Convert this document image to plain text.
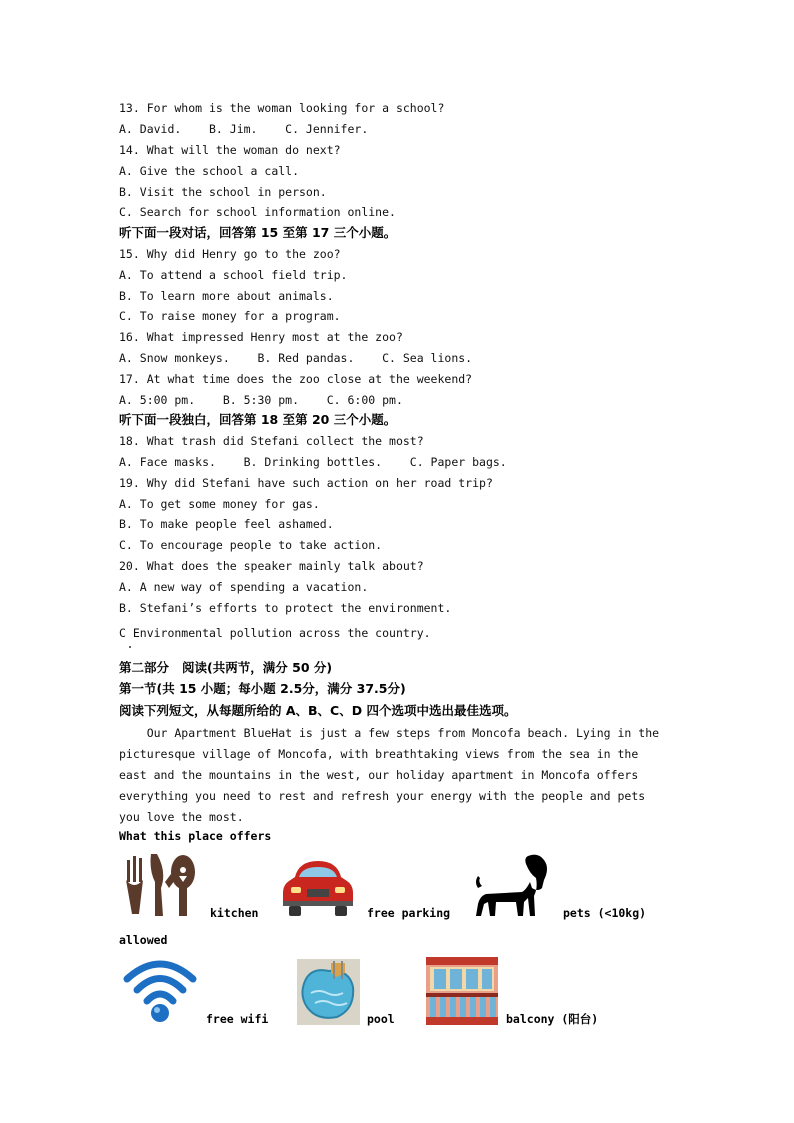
13. For whom is the woman looking for a school?
A. David.    B. Jim.    C. Jennifer.
14. What will the woman do next?
A. Give the school a call.
B. Visit the school in person.
C. Search for school information online.
听下面一段对话，回答第 15 至第 17 三个小题。
15. Why did Henry go to the zoo?
A. To attend a school field trip.
B. To learn more about animals.
C. To raise money for a program.
16. What impressed Henry most at the zoo?
A. Snow monkeys.    B. Red pandas.    C. Sea lions.
17. At what time does the zoo close at the weekend?
A. 5:00 pm.    B. 5:30 pm.    C. 6:00 pm.
听下面一段独白，回答第 18 至第 20 三个小题。
18. What trash did Stefani collect the most?
A. Face masks.    B. Drinking bottles.    C. Paper bags.
19. Why did Stefani have such action on her road trip?
A. To get some money for gas.
B. To make people feel ashamed.
C. To encourage people to take action.
20. What does the speaker mainly talk about?
A. A new way of spending a vacation.
B. Stefani’s efforts to protect the environment.
C Environmental pollution across the country.
第二部分   阅读(共两节，满分 50 分)
第一节(共 15 小题；每小题 2.5分，满分 37.5分)
阅读下列短文，从每题所给的 A、B、C、D 四个选项中选出最佳选项。
Our Apartment BlueHat is just a few steps from Moncofa beach. Lying in the
picturesque village of Moncofa, with breathtaking views from the sea in the
east and the mountains in the west, our holiday apartment in Moncofa offers
everything you need to rest and refresh your energy with the people and pets
you love the most.
What this place offers
kitchen	free parking	pets (<10kg)
allowed
free wifi	pool	balcony (阳台)
